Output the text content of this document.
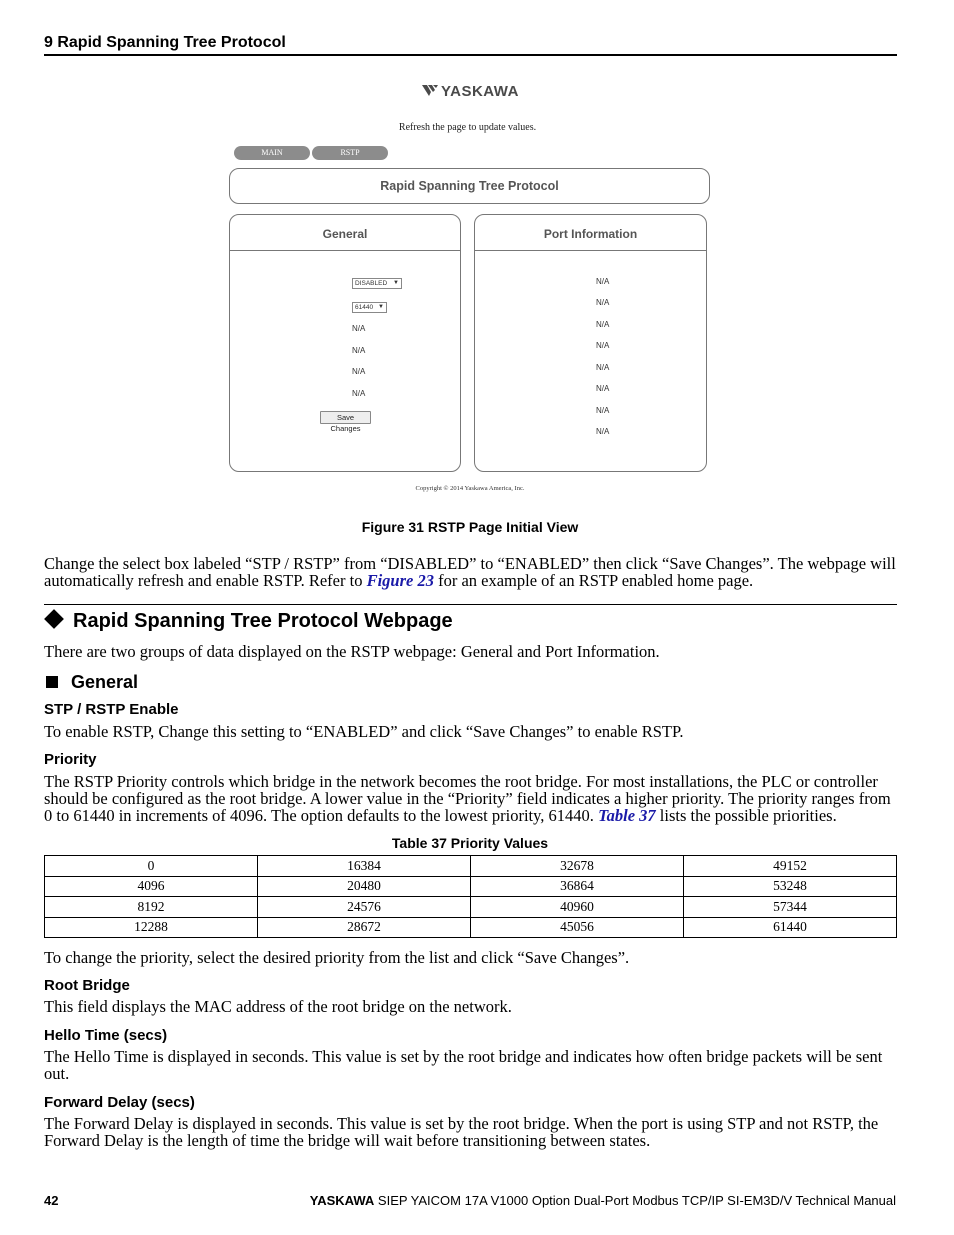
9 Rapid Spanning Tree Protocol
YASKAWA
Refresh the page to update values.
MAIN	RSTP
Rapid Spanning Tree Protocol
General
DISABLED ▼
61440 ▼
N/A
N/A
N/A
N/A
Save Changes
Port Information
N/A
N/A
N/A
N/A
N/A
N/A
N/A
N/A
Copyright © 2014 Yaskawa America, Inc.
Figure 31 RSTP Page Initial View
Change the select box labeled “STP / RSTP” from “DISABLED” to “ENABLED” then click “Save Changes”. The webpage will automatically refresh and enable RSTP. Refer to Figure 23 for an example of an RSTP enabled home page.
Rapid Spanning Tree Protocol Webpage
There are two groups of data displayed on the RSTP webpage: General and Port Information.
General
STP / RSTP Enable
To enable RSTP, Change this setting to “ENABLED” and click “Save Changes” to enable RSTP.
Priority
The RSTP Priority controls which bridge in the network becomes the root bridge. For most installations, the PLC or controller should be configured as the root bridge. A lower value in the “Priority” field indicates a higher priority. The priority ranges from 0 to 61440 in increments of 4096. The option defaults to the lowest priority, 61440. Table 37 lists the possible priorities.
Table 37 Priority Values
0	16384	32678	49152
4096	20480	36864	53248
8192	24576	40960	57344
12288	28672	45056	61440
To change the priority, select the desired priority from the list and click “Save Changes”.
Root Bridge
This field displays the MAC address of the root bridge on the network.
Hello Time (secs)
The Hello Time is displayed in seconds. This value is set by the root bridge and indicates how often bridge packets will be sent out.
Forward Delay (secs)
The Forward Delay is displayed in seconds. This value is set by the root bridge. When the port is using STP and not RSTP, the Forward Delay is the length of time the bridge will wait before transitioning between states.
42	YASKAWA SIEP YAICOM 17A V1000 Option Dual-Port Modbus TCP/IP SI-EM3D/V Technical Manual
